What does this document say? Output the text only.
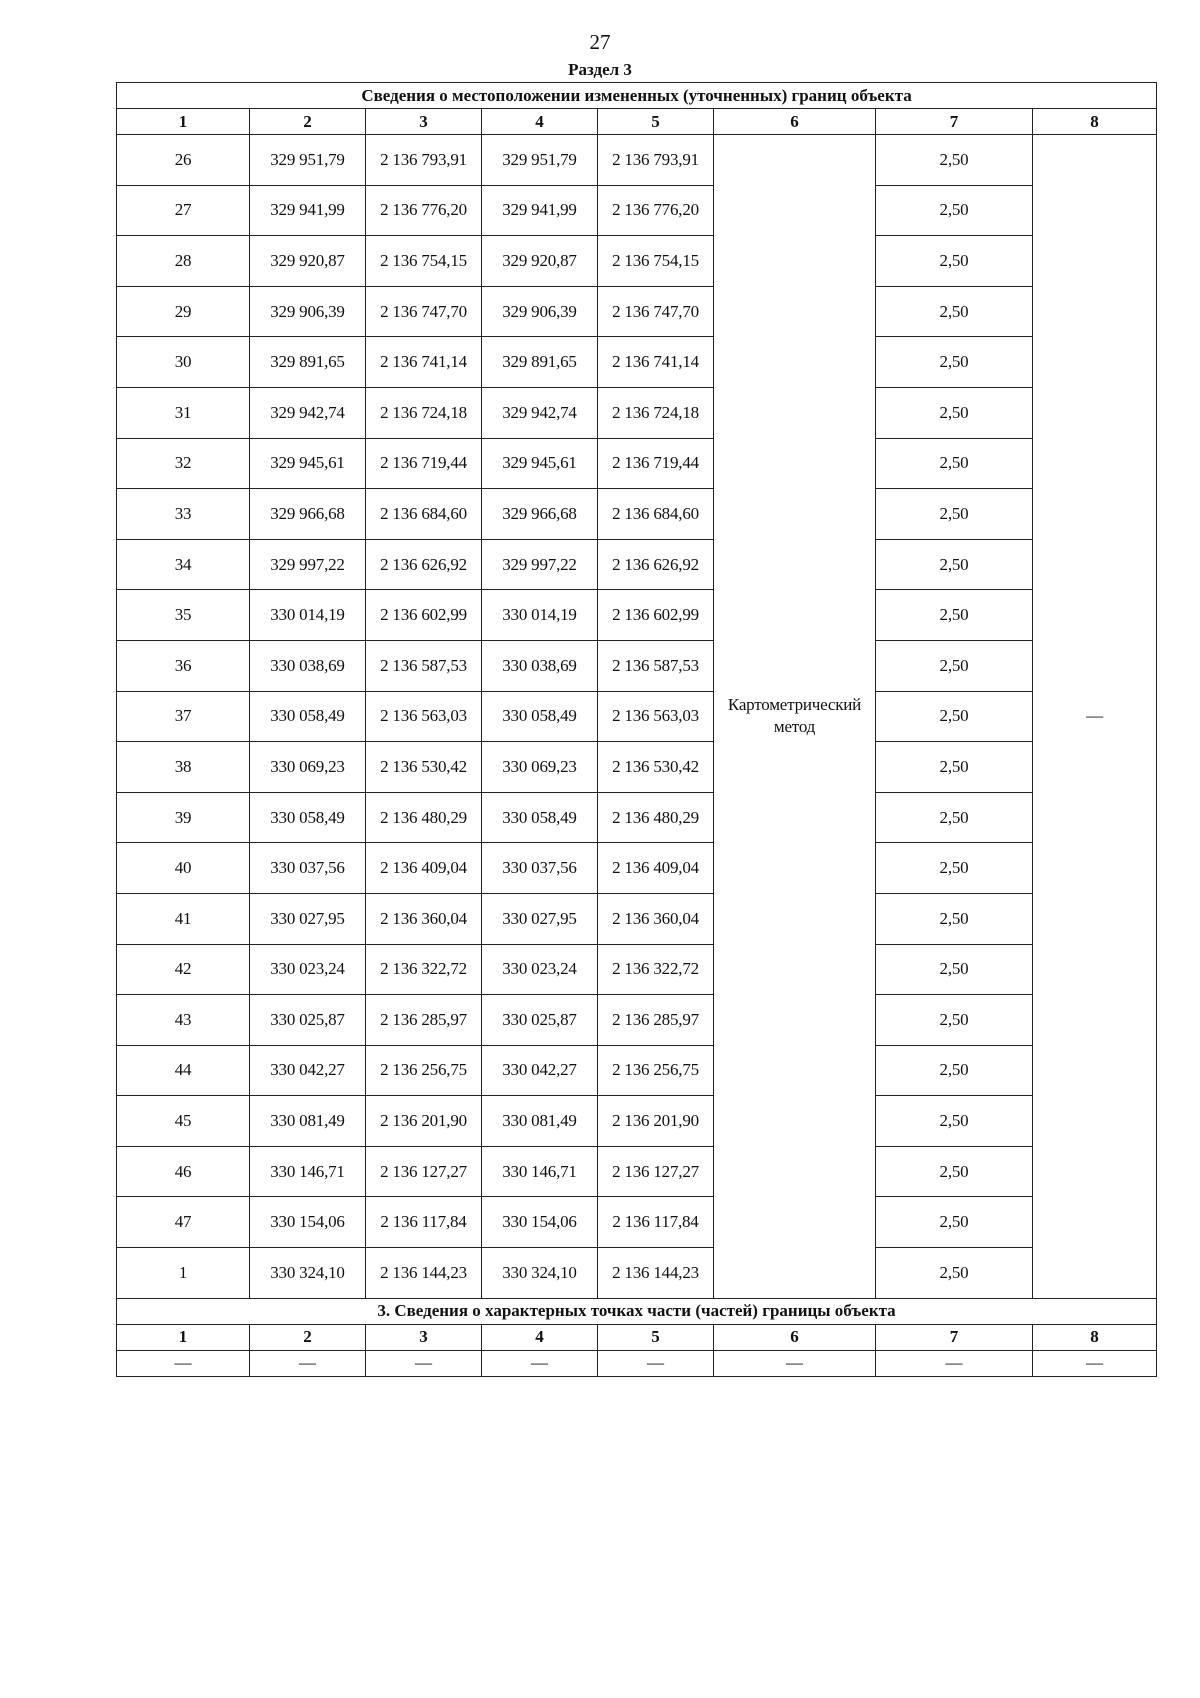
27
Раздел 3
Сведения о местоположении измененных (уточненных) границ объекта							
1	2	3	4	5	6	7	8
26	329 951,79	2 136 793,91	329 951,79	2 136 793,91	Картометрический метод	2,50	—
27	329 941,99	2 136 776,20	329 941,99	2 136 776,20		2,50	
28	329 920,87	2 136 754,15	329 920,87	2 136 754,15		2,50	
29	329 906,39	2 136 747,70	329 906,39	2 136 747,70		2,50	
30	329 891,65	2 136 741,14	329 891,65	2 136 741,14		2,50	
31	329 942,74	2 136 724,18	329 942,74	2 136 724,18		2,50	
32	329 945,61	2 136 719,44	329 945,61	2 136 719,44		2,50	
33	329 966,68	2 136 684,60	329 966,68	2 136 684,60		2,50	
34	329 997,22	2 136 626,92	329 997,22	2 136 626,92		2,50	
35	330 014,19	2 136 602,99	330 014,19	2 136 602,99		2,50	
36	330 038,69	2 136 587,53	330 038,69	2 136 587,53		2,50	
37	330 058,49	2 136 563,03	330 058,49	2 136 563,03		2,50	
38	330 069,23	2 136 530,42	330 069,23	2 136 530,42		2,50	
39	330 058,49	2 136 480,29	330 058,49	2 136 480,29		2,50	
40	330 037,56	2 136 409,04	330 037,56	2 136 409,04		2,50	
41	330 027,95	2 136 360,04	330 027,95	2 136 360,04		2,50	
42	330 023,24	2 136 322,72	330 023,24	2 136 322,72		2,50	
43	330 025,87	2 136 285,97	330 025,87	2 136 285,97		2,50	
44	330 042,27	2 136 256,75	330 042,27	2 136 256,75		2,50	
45	330 081,49	2 136 201,90	330 081,49	2 136 201,90		2,50	
46	330 146,71	2 136 127,27	330 146,71	2 136 127,27		2,50	
47	330 154,06	2 136 117,84	330 154,06	2 136 117,84		2,50	
1	330 324,10	2 136 144,23	330 324,10	2 136 144,23		2,50	
3. Сведения о характерных точках части (частей) границы объекта							
1	2	3	4	5	6	7	8
—	—	—	—	—	—	—	—
